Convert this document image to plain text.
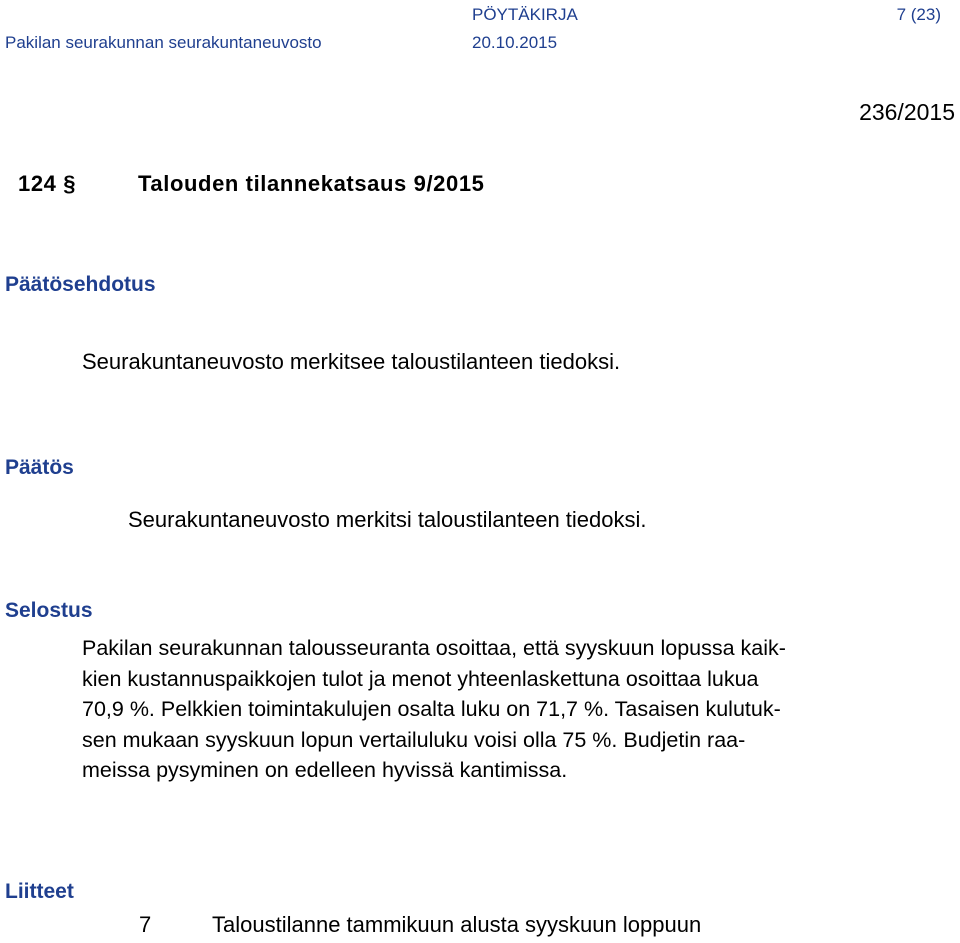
PÖYTÄKIRJA	7 (23)
Pakilan seurakunnan seurakuntaneuvosto	20.10.2015
236/2015
124 §	Talouden tilannekatsaus 9/2015
Päätösehdotus
Seurakuntaneuvosto merkitsee taloustilanteen tiedoksi.
Päätös
Seurakuntaneuvosto merkitsi taloustilanteen tiedoksi.
Selostus
Pakilan seurakunnan talousseuranta osoittaa, että syyskuun lopussa kaik-
kien kustannuspaikkojen tulot ja menot yhteenlaskettuna osoittaa lukua
70,9 %. Pelkkien toimintakulujen osalta luku on 71,7 %. Tasaisen kulutuk-
sen mukaan syyskuun lopun vertailuluku voisi olla 75 %. Budjetin raa-
meissa pysyminen on edelleen hyvissä kantimissa.
Liitteet
7	Taloustilanne tammikuun alusta syyskuun loppuun
